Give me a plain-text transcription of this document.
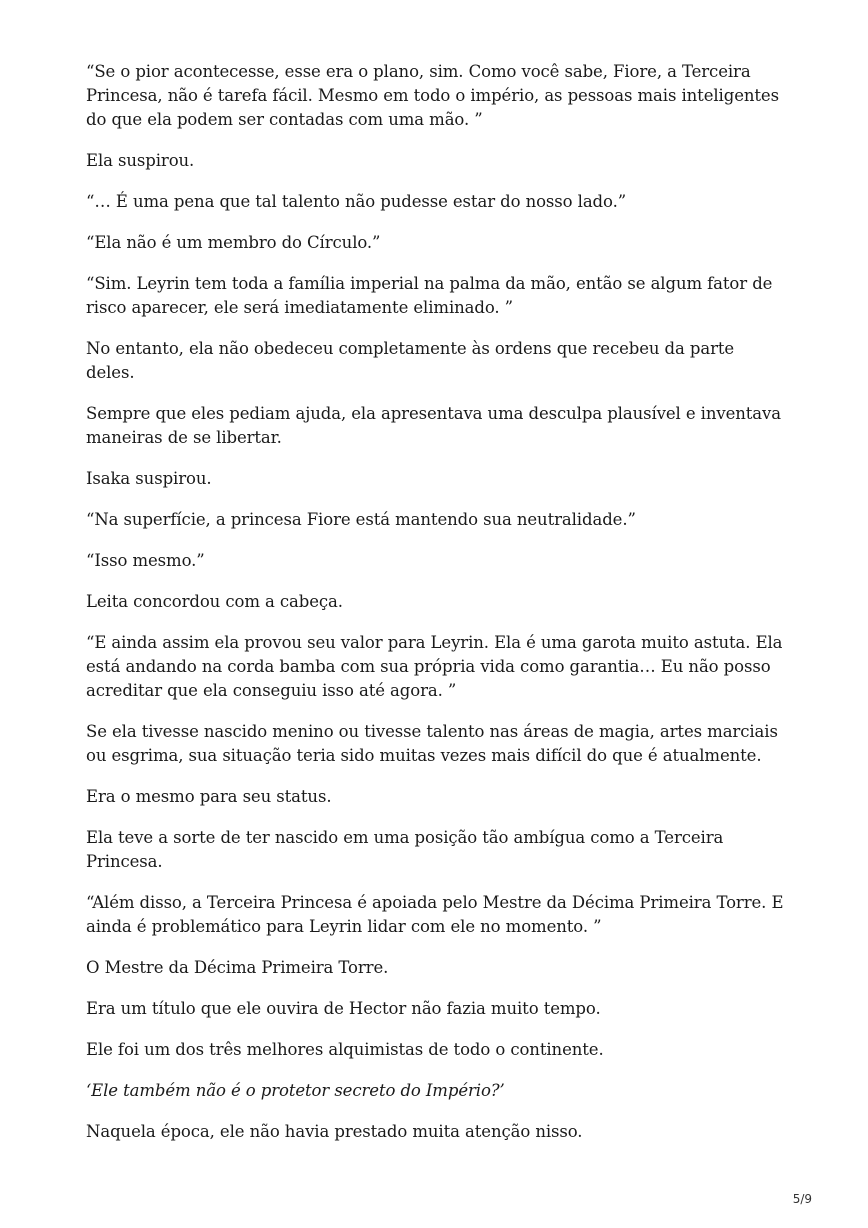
“Se o pior acontecesse, esse era o plano, sim. Como você sabe, Fiore, a Terceira Princesa, não é tarefa fácil. Mesmo em todo o império, as pessoas mais inteligentes do que ela podem ser contadas com uma mão. ”

Ela suspirou.

“… É uma pena que tal talento não pudesse estar do nosso lado.”

“Ela não é um membro do Círculo.”

“Sim. Leyrin tem toda a família imperial na palma da mão, então se algum fator de risco aparecer, ele será imediatamente eliminado. ”

No entanto, ela não obedeceu completamente às ordens que recebeu da parte deles.

Sempre que eles pediam ajuda, ela apresentava uma desculpa plausível e inventava maneiras de se libertar.

Isaka suspirou.

“Na superfície, a princesa Fiore está mantendo sua neutralidade.”

“Isso mesmo.”

Leita concordou com a cabeça.

“E ainda assim ela provou seu valor para Leyrin. Ela é uma garota muito astuta. Ela está andando na corda bamba com sua própria vida como garantia… Eu não posso acreditar que ela conseguiu isso até agora. ”

Se ela tivesse nascido menino ou tivesse talento nas áreas de magia, artes marciais ou esgrima, sua situação teria sido muitas vezes mais difícil do que é atualmente.

Era o mesmo para seu status.

Ela teve a sorte de ter nascido em uma posição tão ambígua como a Terceira Princesa.

“Além disso, a Terceira Princesa é apoiada pelo Mestre da Décima Primeira Torre. E ainda é problemático para Leyrin lidar com ele no momento. ”

O Mestre da Décima Primeira Torre.

Era um título que ele ouvira de Hector não fazia muito tempo.

Ele foi um dos três melhores alquimistas de todo o continente.

‘Ele também não é o protetor secreto do Império?’

Naquela época, ele não havia prestado muita atenção nisso.

5/9
